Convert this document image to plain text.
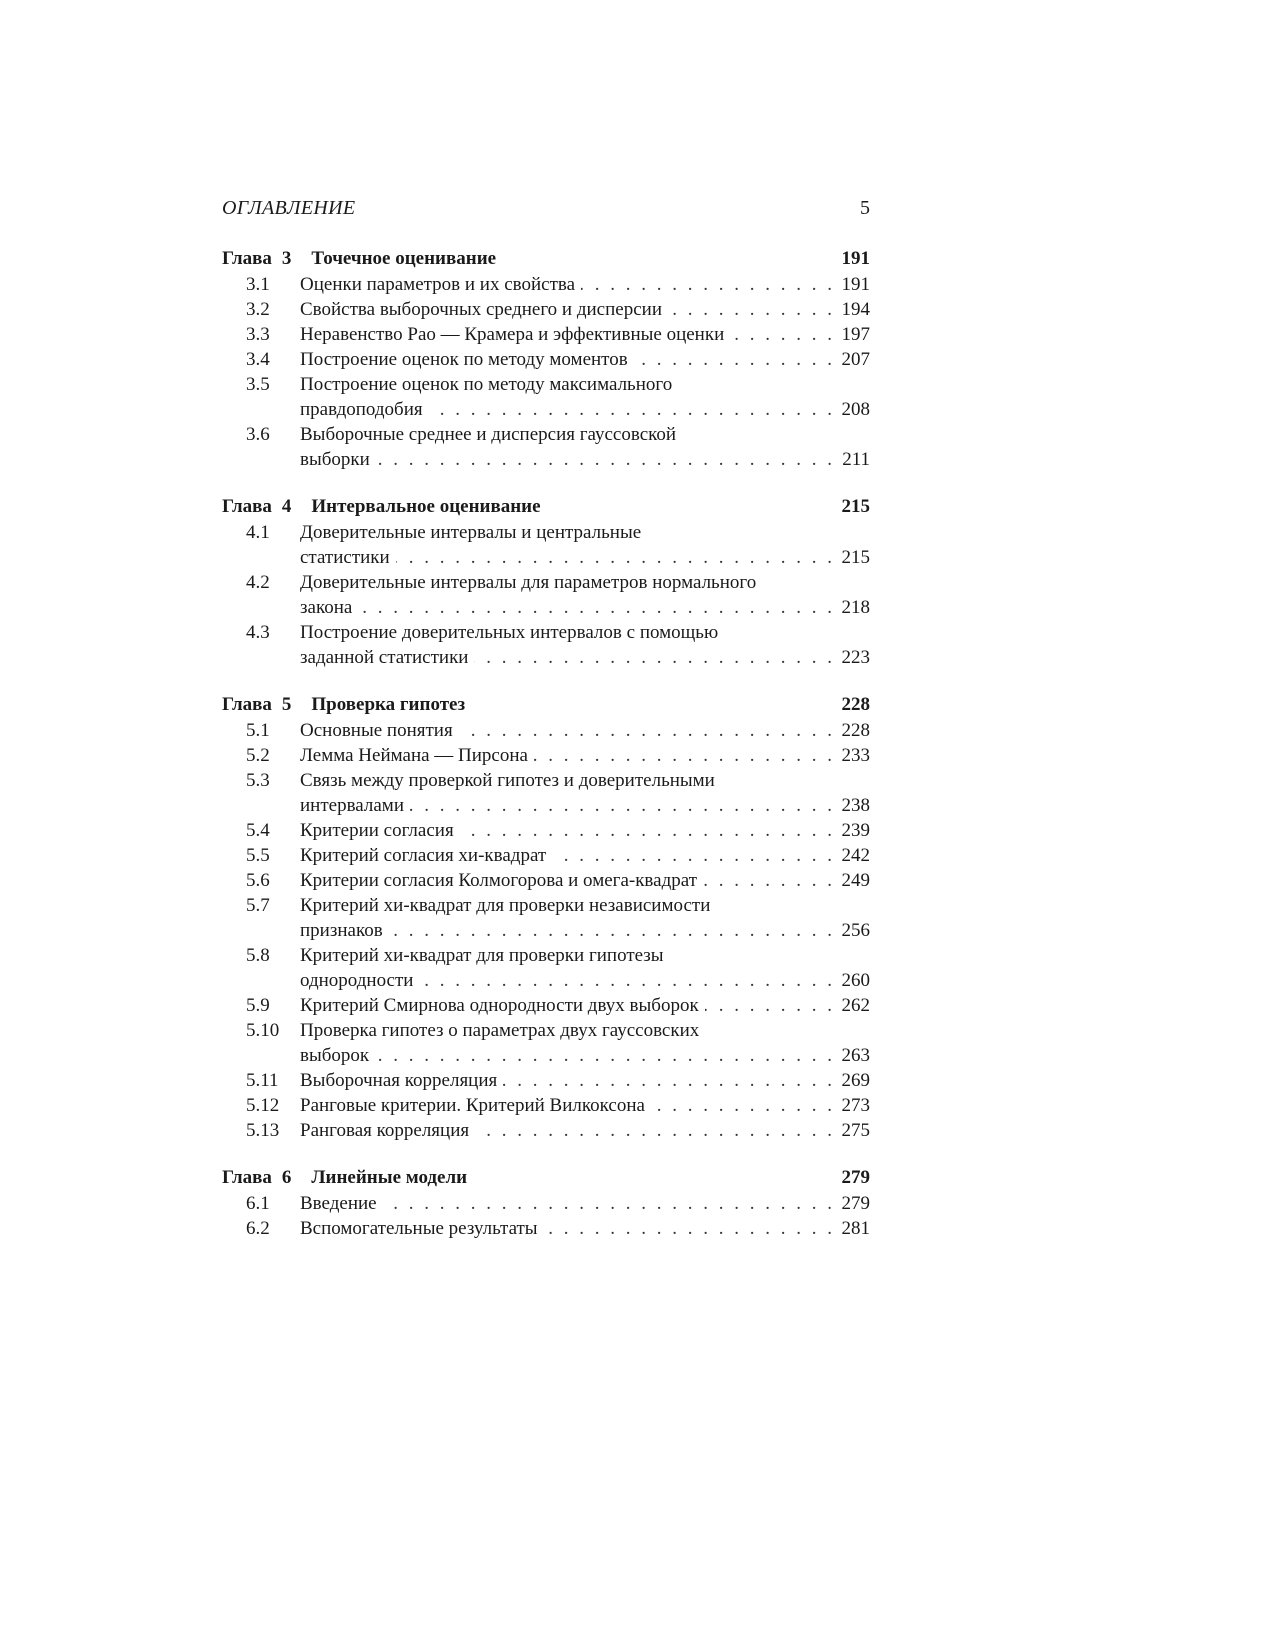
ОГЛАВЛЕНИЕ	5
Глава 3 Точечное оценивание	191
3.1	Оценки параметров и их свойства . . .	191
3.2	Свойства выборочных среднего и дисперсии . . .	194
3.3	Неравенство Рао — Крамера и эффективные оценки . . .	197
3.4	Построение оценок по методу моментов . . .	207
3.5	Построение оценок по методу максимального
правдоподобия . . .	208
3.6	Выборочные среднее и дисперсия гауссовской
выборки . . .	211
Глава 4 Интервальное оценивание	215
4.1	Доверительные интервалы и центральные
статистики . . .	215
4.2	Доверительные интервалы для параметров нормального
закона . . .	218
4.3	Построение доверительных интервалов с помощью
заданной статистики . . .	223
Глава 5 Проверка гипотез	228
5.1	Основные понятия . . .	228
5.2	Лемма Неймана — Пирсона . . .	233
5.3	Связь между проверкой гипотез и доверительными
интервалами . . .	238
5.4	Критерии согласия . . .	239
5.5	Критерий согласия хи-квадрат . . .	242
5.6	Критерии согласия Колмогорова и омега-квадрат . . .	249
5.7	Критерий хи-квадрат для проверки независимости
признаков . . .	256
5.8	Критерий хи-квадрат для проверки гипотезы
однородности . . .	260
5.9	Критерий Смирнова однородности двух выборок . . .	262
5.10	Проверка гипотез о параметрах двух гауссовских
выборок . . .	263
5.11	Выборочная корреляция . . .	269
5.12	Ранговые критерии. Критерий Вилкоксона . . .	273
5.13	Ранговая корреляция . . .	275
Глава 6 Линейные модели	279
6.1	Введение . . .	279
6.2	Вспомогательные результаты . . .	281
